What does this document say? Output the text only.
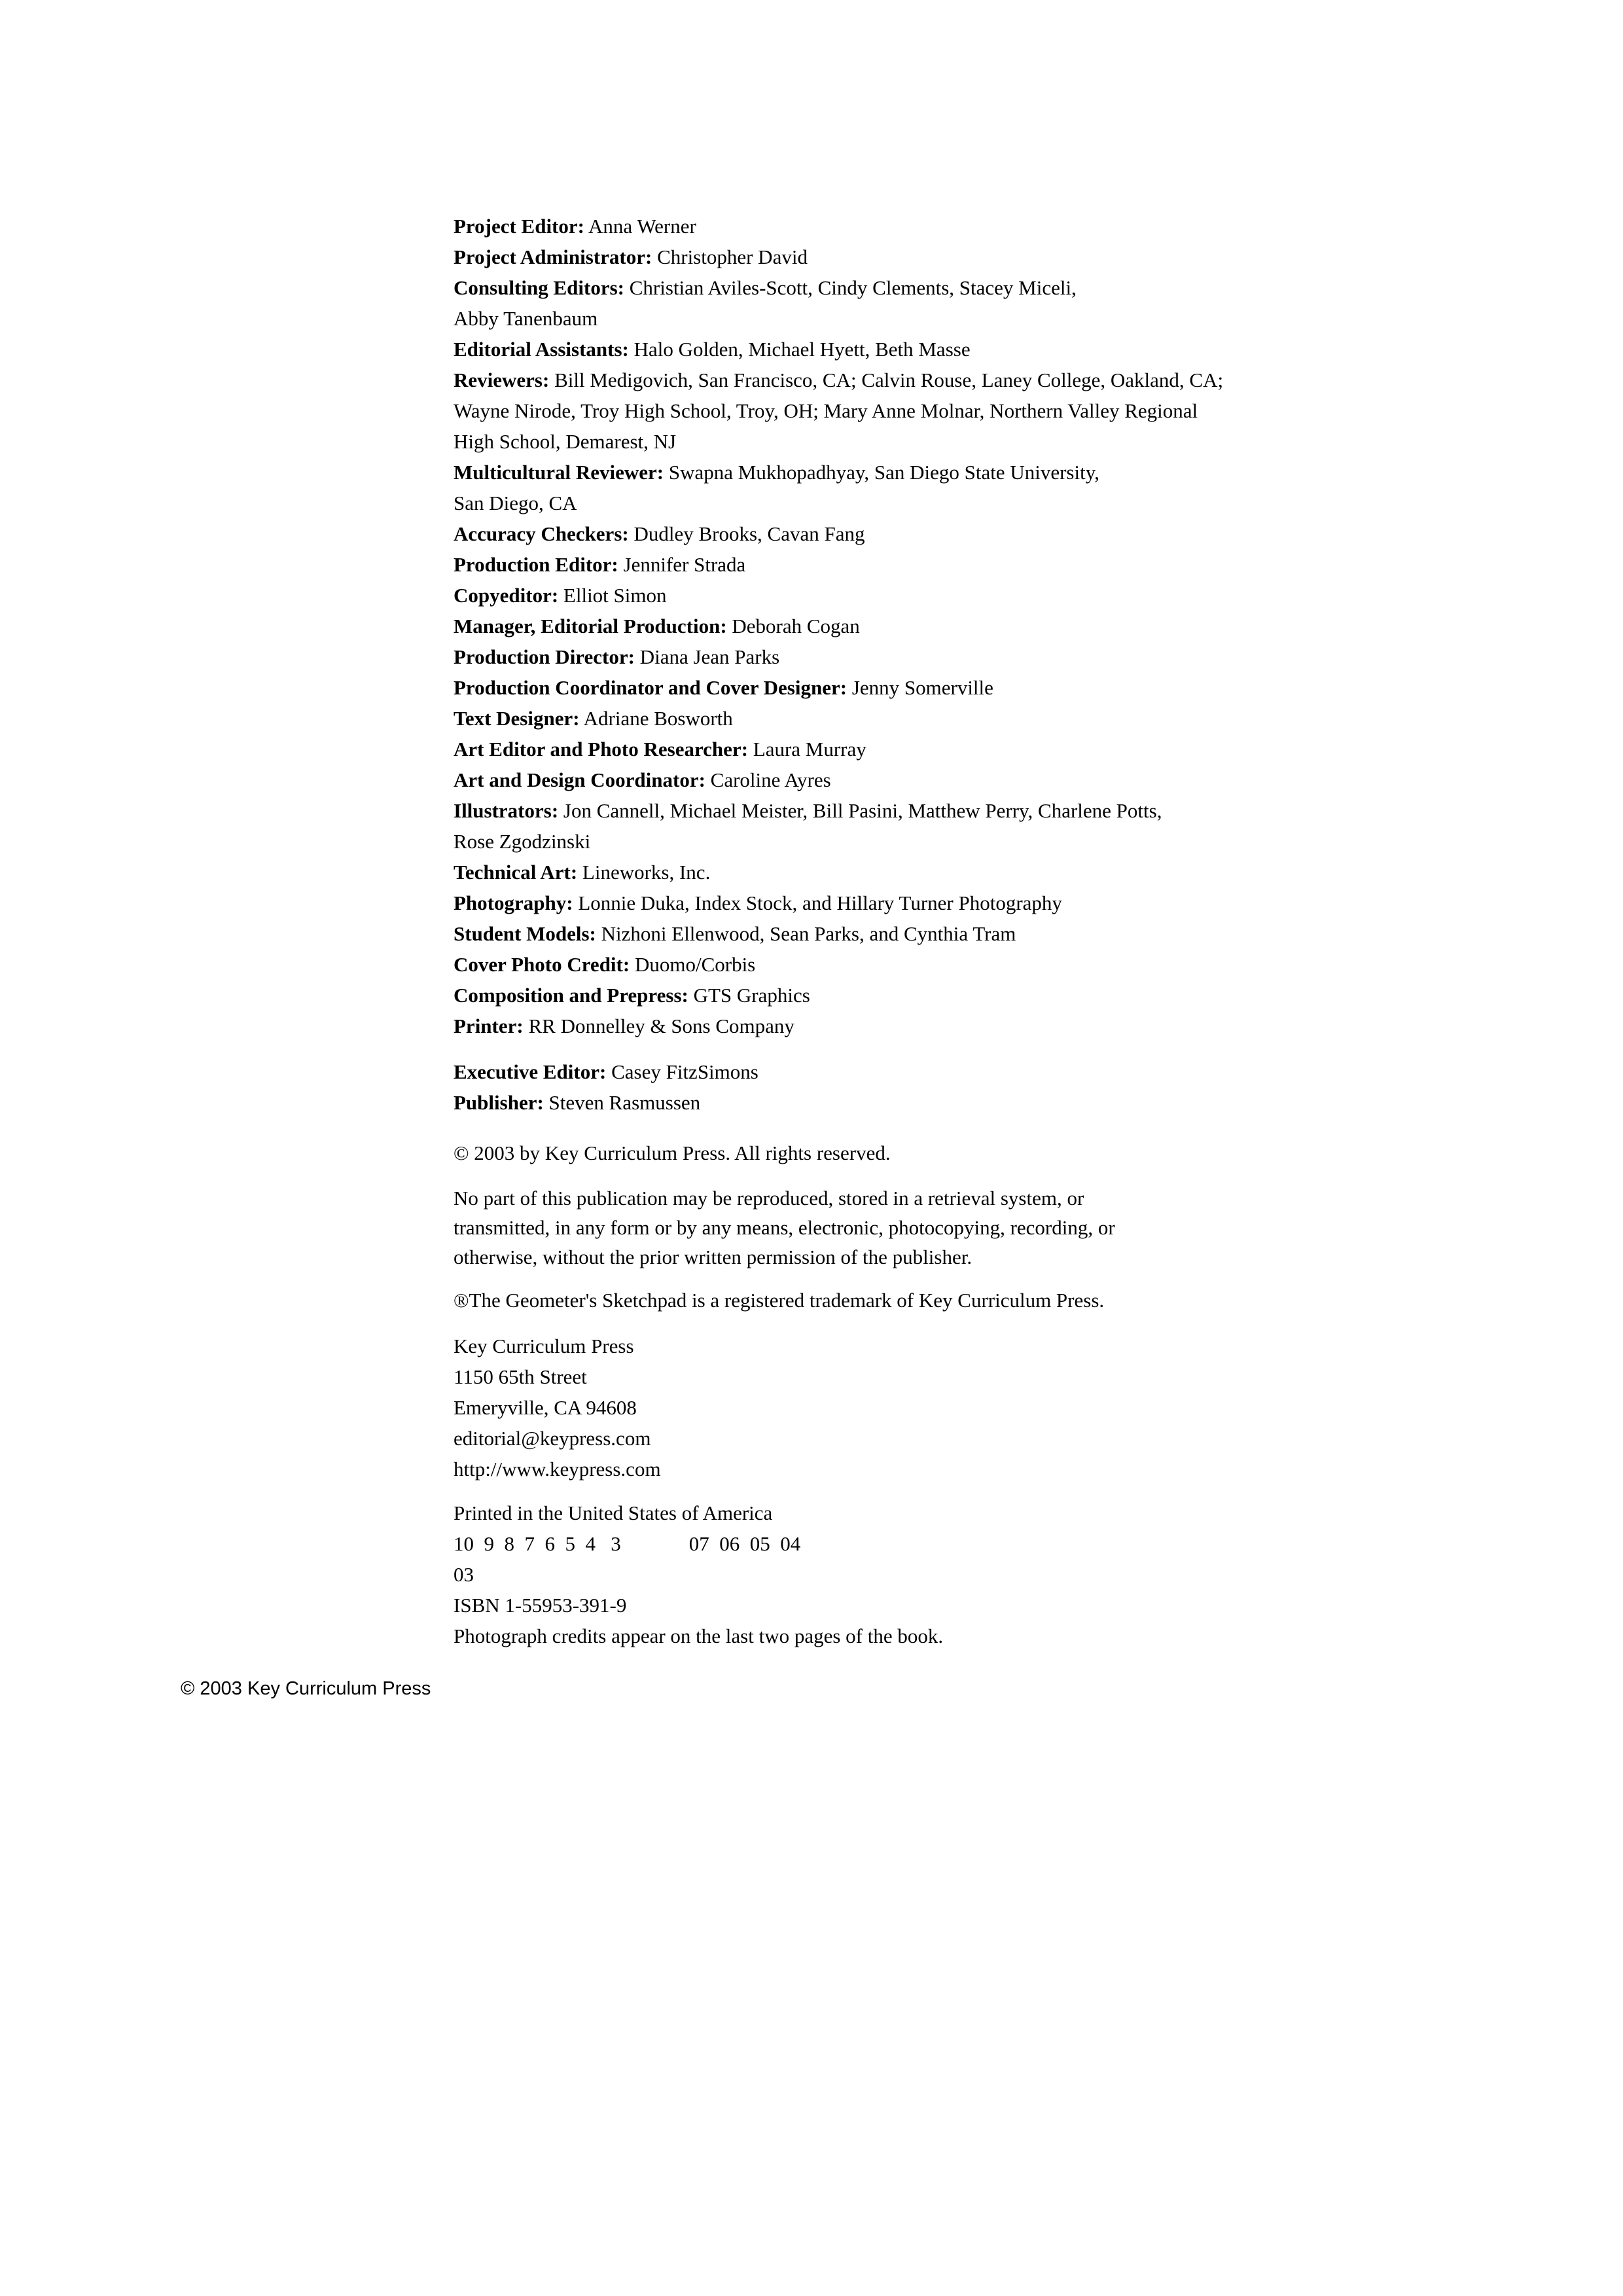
Project Editor: Anna Werner
Project Administrator: Christopher David
Consulting Editors: Christian Aviles-Scott, Cindy Clements, Stacey Miceli,
Abby Tanenbaum
Editorial Assistants: Halo Golden, Michael Hyett, Beth Masse
Reviewers: Bill Medigovich, San Francisco, CA; Calvin Rouse, Laney College, Oakland, CA;
Wayne Nirode, Troy High School, Troy, OH; Mary Anne Molnar, Northern Valley Regional
High School, Demarest, NJ
Multicultural Reviewer: Swapna Mukhopadhyay, San Diego State University,
San Diego, CA
Accuracy Checkers: Dudley Brooks, Cavan Fang
Production Editor: Jennifer Strada
Copyeditor: Elliot Simon
Manager, Editorial Production: Deborah Cogan
Production Director: Diana Jean Parks
Production Coordinator and Cover Designer: Jenny Somerville
Text Designer: Adriane Bosworth
Art Editor and Photo Researcher: Laura Murray
Art and Design Coordinator: Caroline Ayres
Illustrators: Jon Cannell, Michael Meister, Bill Pasini, Matthew Perry, Charlene Potts,
Rose Zgodzinski
Technical Art: Lineworks, Inc.
Photography: Lonnie Duka, Index Stock, and Hillary Turner Photography
Student Models: Nizhoni Ellenwood, Sean Parks, and Cynthia Tram
Cover Photo Credit: Duomo/Corbis
Composition and Prepress: GTS Graphics
Printer: RR Donnelley & Sons Company
Executive Editor: Casey FitzSimons
Publisher: Steven Rasmussen
© 2003 by Key Curriculum Press. All rights reserved.
No part of this publication may be reproduced, stored in a retrieval system, or
transmitted, in any form or by any means, electronic, photocopying, recording, or
otherwise, without the prior written permission of the publisher.
®The Geometer's Sketchpad is a registered trademark of Key Curriculum Press.
Key Curriculum Press
1150 65th Street
Emeryville, CA 94608
editorial@keypress.com
http://www.keypress.com
Printed in the United States of America
10  9  8  7  6  5  4   3	07  06  05  04
03
ISBN 1-55953-391-9
Photograph credits appear on the last two pages of the book.
© 2003 Key Curriculum Press
